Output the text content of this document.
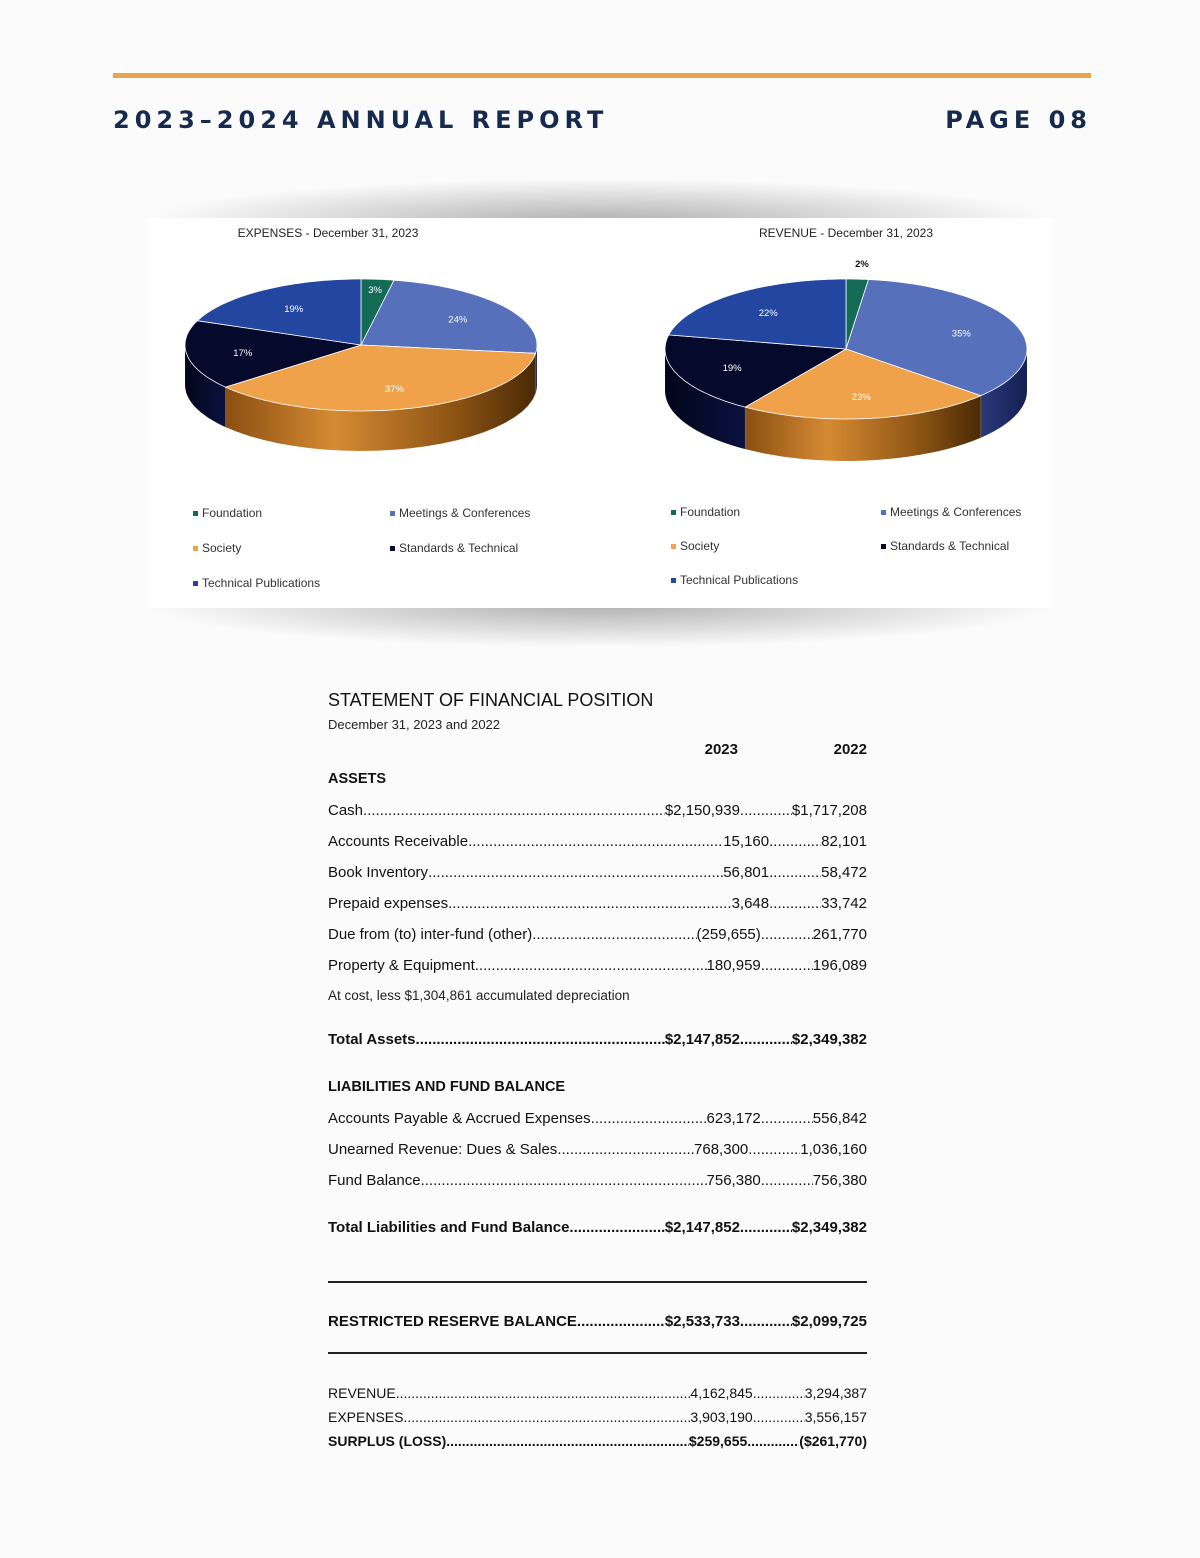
2023–2024 ANNUAL REPORT	PAGE 08
3%
24%
37%
17%
19%
EXPENSES - December 31, 2023
Foundation	Meetings & Conferences
Society	Standards & Technical
Technical Publications
2%
35%
23%
19%
22%
REVENUE - December 31, 2023
Foundation	Meetings & Conferences
Society	Standards & Technical
Technical Publications
STATEMENT OF FINANCIAL POSITION
December 31, 2023 and 2022
2023	2022
ASSETS
Cash .....	$2,150,939 .....	$1,717,208
Accounts Receivable .....	15,160 .....	82,101
Book Inventory .....	56,801 .....	58,472
Prepaid expenses .....	3,648 .....	33,742
Due from (to) inter-fund (other) .....	(259,655) .....	261,770
Property & Equipment .....	180,959 .....	196,089
At cost, less $1,304,861 accumulated depreciation
Total Assets .....	$2,147,852 .....	$2,349,382
LIABILITIES AND FUND BALANCE
Accounts Payable & Accrued Expenses .....	623,172 .....	556,842
Unearned Revenue: Dues & Sales .....	768,300 .....	1,036,160
Fund Balance .....	756,380 .....	756,380
Total Liabilities and Fund Balance .....	$2,147,852 .....	$2,349,382
RESTRICTED RESERVE BALANCE .....	$2,533,733 .....	$2,099,725
REVENUE .....	4,162,845 .....	3,294,387
EXPENSES .....	3,903,190 .....	3,556,157
SURPLUS (LOSS) .....	$259,655 .....	($261,770)
